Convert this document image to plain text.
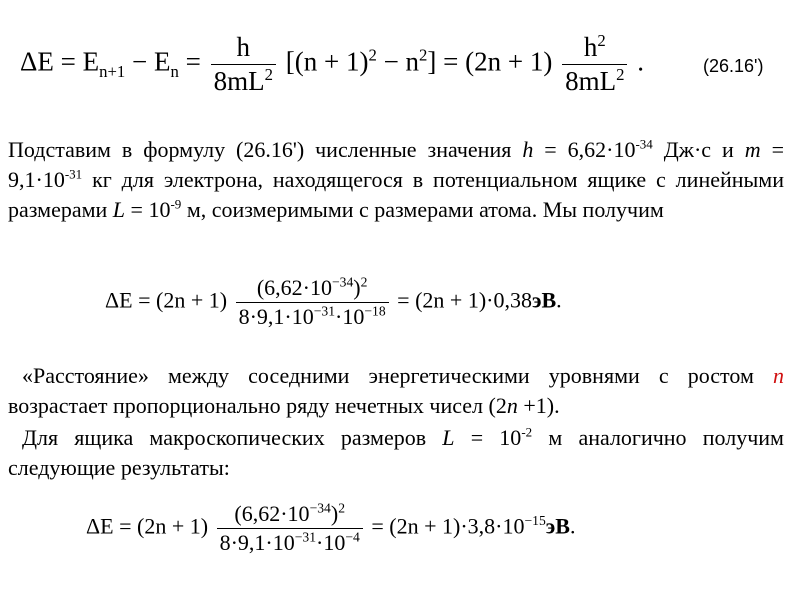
$\Delta E = E_{n+1} - E_n = \frac{h}{8mL^2} [(n + 1)^2 - n^2] = (2n + 1) \frac{h^2}{8mL^2}$ .	(26.16')

Подставим в формулу (26.16') численные значения $h = 6,62\cdot 10^{-34}$ Дж·с и $m = 9,1\cdot 10^{-31}$ кг для электрона, находящегося в потенциальном ящике с линейными размерами $L = 10^{-9}$ м, соизмеримыми с размерами атома. Мы получим

$\Delta E = (2n + 1) \frac{(6,62\cdot 10^{-34})^2}{8\cdot 9,1\cdot 10^{-31}\cdot 10^{-18}} = (2n + 1)\cdot 0,38эВ$.

«Расстояние» между соседними энергетическими уровнями с ростом n возрастает пропорционально ряду нечетных чисел (2n +1).

Для ящика макроскопических размеров $L = 10^{-2}$ м аналогично получим следующие результаты:

$\Delta E = (2n + 1) \frac{(6,62\cdot 10^{-34})^2}{8\cdot 9,1\cdot 10^{-31}\cdot 10^{-4}} = (2n + 1)\cdot 3,8\cdot 10^{-15}эВ$.
